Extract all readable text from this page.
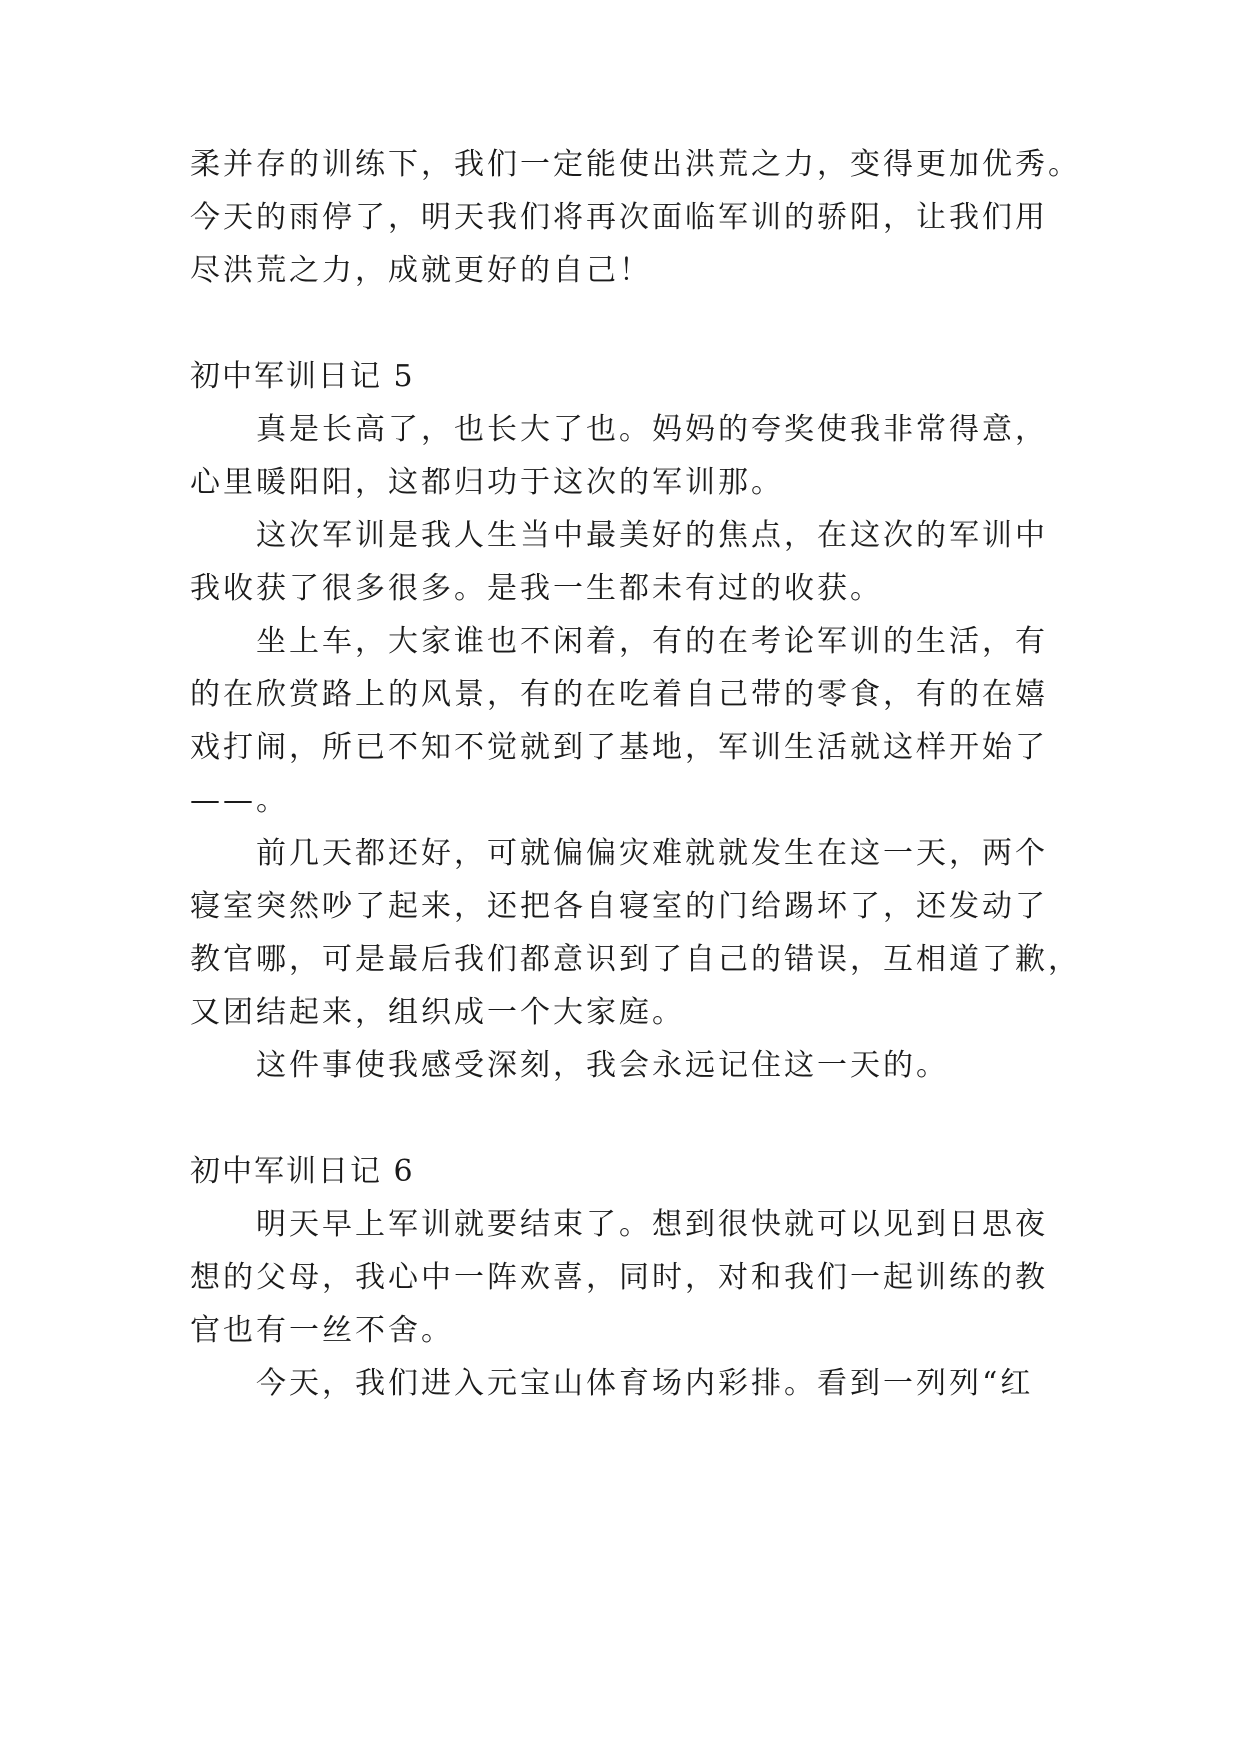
柔并存的训练下，我们一定能使出洪荒之力，变得更加优秀。
今天的雨停了，明天我们将再次面临军训的骄阳，让我们用
尽洪荒之力，成就更好的自己！
初中军训日记 5
真是长高了，也长大了也。妈妈的夸奖使我非常得意，
心里暖阳阳，这都归功于这次的军训那。
这次军训是我人生当中最美好的焦点，在这次的军训中
我收获了很多很多。是我一生都未有过的收获。
坐上车，大家谁也不闲着，有的在考论军训的生活，有
的在欣赏路上的风景，有的在吃着自己带的零食，有的在嬉
戏打闹，所已不知不觉就到了基地，军训生活就这样开始了
——。
前几天都还好，可就偏偏灾难就就发生在这一天，两个
寝室突然吵了起来，还把各自寝室的门给踢坏了，还发动了
教官哪，可是最后我们都意识到了自己的错误，互相道了歉，
又团结起来，组织成一个大家庭。
这件事使我感受深刻，我会永远记住这一天的。
初中军训日记 6
明天早上军训就要结束了。想到很快就可以见到日思夜
想的父母，我心中一阵欢喜，同时，对和我们一起训练的教
官也有一丝不舍。
今天，我们进入元宝山体育场内彩排。看到一列列“红
